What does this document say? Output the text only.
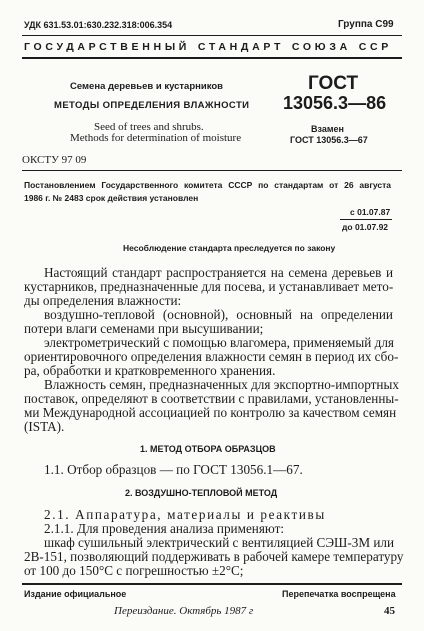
УДК 631.53.01:630.232.318:006.354	Группа С99
ГОСУДАРСТВЕННЫЙ СТАНДАРТ СОЮЗА ССР
Семена деревьев и кустарников
МЕТОДЫ ОПРЕДЕЛЕНИЯ ВЛАЖНОСТИ
Seed of trees and shrubs.
Methods for determination of moisture
ГОСТ
13056.3—86
Взамен
ГОСТ 13056.3—67
ОКСТУ 97 09
Постановлением Государственного комитета СССР по стандартам от 26 августа
1986 г. № 2483 срок действия установлен
с 01.07.87
до 01.07.92
Несоблюдение стандарта преследуется по закону
Настоящий стандарт распространяется на семена деревьев и
кустарников, предназначенные для посева, и устанавливает мето-
ды определения влажности:
воздушно-тепловой (основной), основный на определении
потери влаги семенами при высушивании;
электрометрический с помощью влагомера, применяемый для
ориентировочного определения влажности семян в период их сбо-
ра, обработки и кратковременного хранения.
Влажность семян, предназначенных для экспортно-импортных
поставок, определяют в соответствии с правилами, установленны-
ми Международной ассоциацией по контролю за качеством семян
(ISTA).
1. МЕТОД ОТБОРА ОБРАЗЦОВ
1.1. Отбор образцов — по ГОСТ 13056.1—67.
2. ВОЗДУШНО-ТЕПЛОВОЙ МЕТОД
2.1. Аппаратура, материалы и реактивы
2.1.1. Для проведения анализа применяют:
шкаф сушильный электрический с вентиляцией СЭШ-3М или
2В-151, позволяющий поддерживать в рабочей камере температуру
от 100 до 150°С с погрешностью ±2°С;
Издание официальное	Перепечатка воспрещена
Переиздание. Октябрь 1987 г	45
